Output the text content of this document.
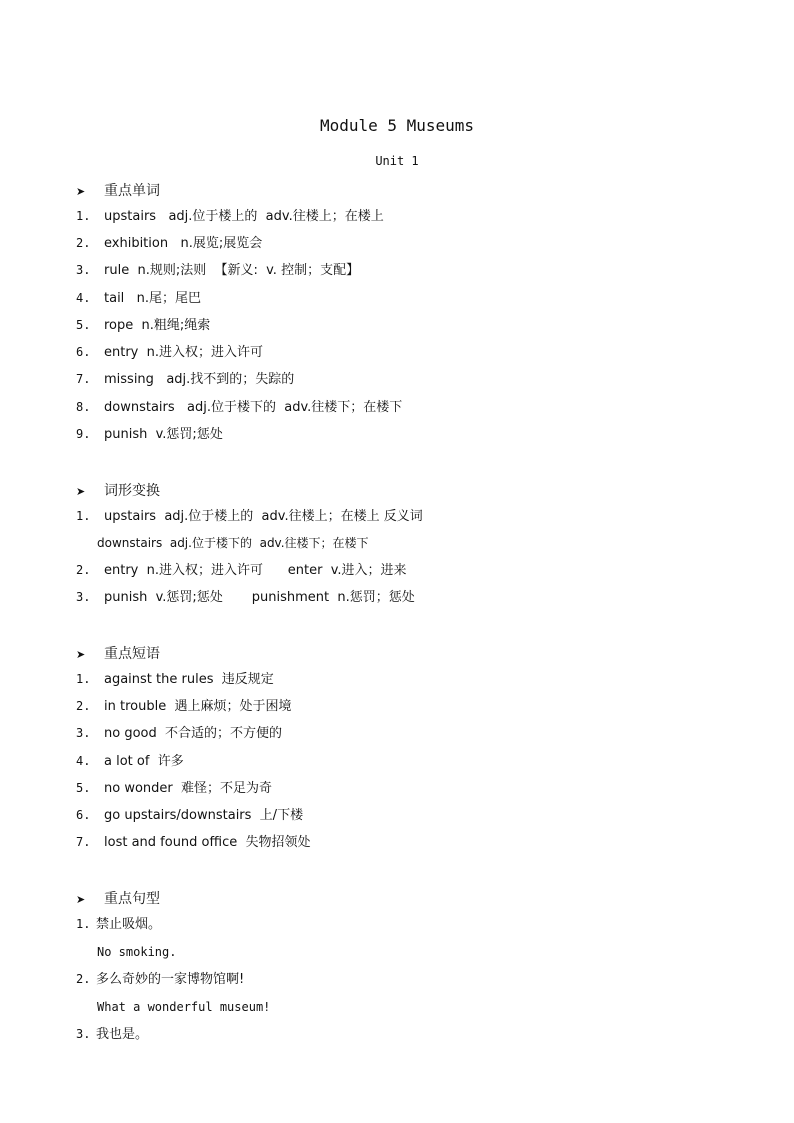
Module 5 Museums
Unit 1
➤ 重点单词
1. upstairs   adj.位于楼上的  adv.往楼上；在楼上
2. exhibition   n.展览;展览会
3. rule  n.规则;法则  【新义:  v. 控制；支配】
4. tail   n.尾；尾巴
5. rope  n.粗绳;绳索
6. entry  n.进入权；进入许可
7. missing   adj.找不到的；失踪的
8. downstairs   adj.位于楼下的  adv.往楼下；在楼下
9. punish  v.惩罚;惩处
➤ 词形变换
1. upstairs  adj.位于楼上的  adv.往楼上；在楼上 反义词
downstairs  adj.位于楼下的  adv.往楼下；在楼下
2. entry  n.进入权；进入许可      enter  v.进入；进来
3. punish  v.惩罚;惩处       punishment  n.惩罚；惩处
➤ 重点短语
1. against the rules  违反规定
2. in trouble  遇上麻烦；处于困境
3. no good  不合适的；不方便的
4. a lot of  许多
5. no wonder  难怪；不足为奇
6. go upstairs/downstairs  上/下楼
7. lost and found office  失物招领处
➤ 重点句型
1. 禁止吸烟。
No smoking.
2. 多么奇妙的一家博物馆啊!
What a wonderful museum!
3. 我也是。
